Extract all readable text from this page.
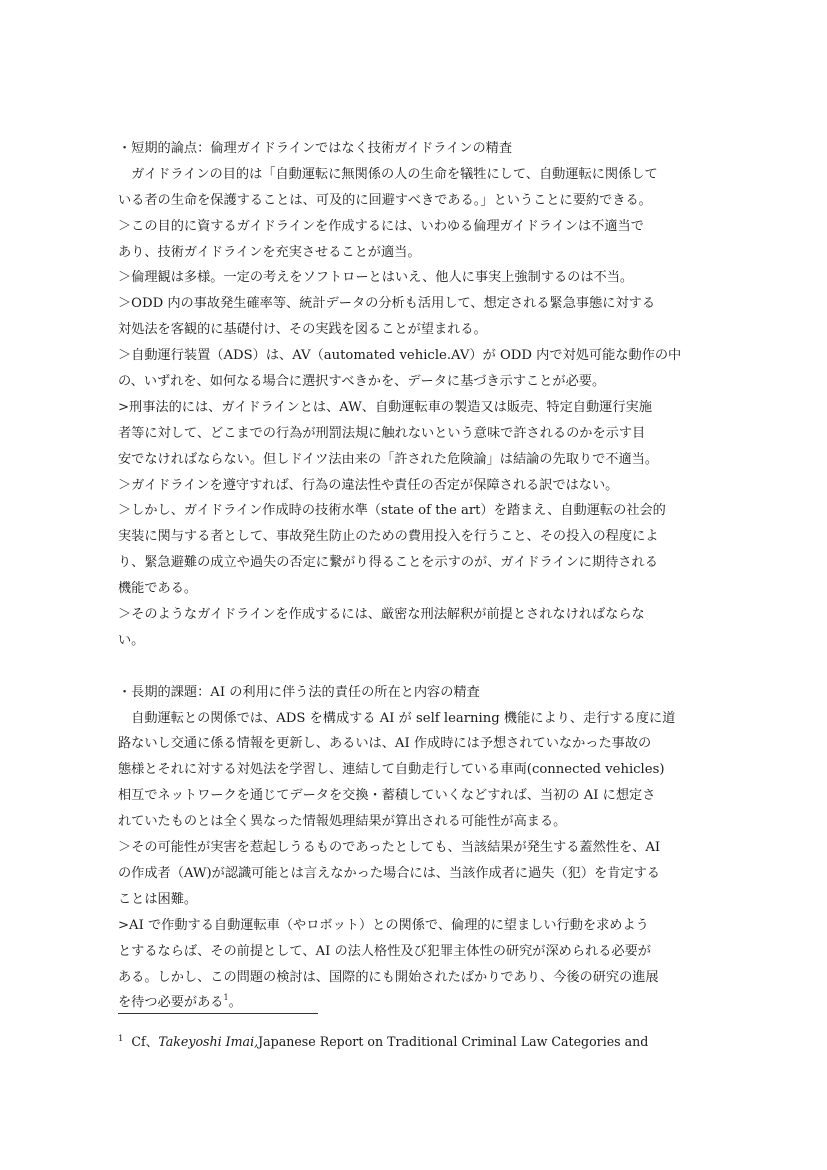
・短期的論点：倫理ガイドラインではなく技術ガイドラインの精査
　ガイドラインの目的は「自動運転に無関係の人の生命を犠牲にして、自動運転に関係して
いる者の生命を保護することは、可及的に回避すべきである。」ということに要約できる。
＞この目的に資するガイドラインを作成するには、いわゆる倫理ガイドラインは不適当で
あり、技術ガイドラインを充実させることが適当。
＞倫理観は多様。一定の考えをソフトローとはいえ、他人に事実上強制するのは不当。
＞ODD 内の事故発生確率等、統計データの分析も活用して、想定される緊急事態に対する
対処法を客観的に基礎付け、その実践を図ることが望まれる。
＞自動運行装置（ADS）は、AV（automated vehicle.AV）が ODD 内で対処可能な動作の中
の、いずれを、如何なる場合に選択すべきかを、データに基づき示すことが必要。
>刑事法的には、ガイドラインとは、AW、自動運転車の製造又は販売、特定自動運行実施
者等に対して、どこまでの行為が刑罰法規に触れないという意味で許されるのかを示す目
安でなければならない。但しドイツ法由来の「許された危険論」は結論の先取りで不適当。
＞ガイドラインを遵守すれば、行為の違法性や責任の否定が保障される訳ではない。
＞しかし、ガイドライン作成時の技術水準（state of the art）を踏まえ、自動運転の社会的
実装に関与する者として、事故発生防止のための費用投入を行うこと、その投入の程度によ
り、緊急避難の成立や過失の否定に繋がり得ることを示すのが、ガイドラインに期待される
機能である。
＞そのようなガイドラインを作成するには、厳密な刑法解釈が前提とされなければならな
い。
・長期的課題：AI の利用に伴う法的責任の所在と内容の精査
　自動運転との関係では、ADS を構成する AI が self learning 機能により、走行する度に道
路ないし交通に係る情報を更新し、あるいは、AI 作成時には予想されていなかった事故の
態様とそれに対する対処法を学習し、連結して自動走行している車両(connected vehicles)
相互でネットワークを通じてデータを交換・蓄積していくなどすれば、当初の AI に想定さ
れていたものとは全く異なった情報処理結果が算出される可能性が高まる。
＞その可能性が実害を惹起しうるものであったとしても、当該結果が発生する蓋然性を、AI
の作成者（AW)が認識可能とは言えなかった場合には、当該作成者に過失（犯）を肯定する
ことは困難。
>AI で作動する自動運転車（やロボット）との関係で、倫理的に望ましい行動を求めよう
とするならば、その前提として、AI の法人格性及び犯罪主体性の研究が深められる必要が
ある。しかし、この問題の検討は、国際的にも開始されたばかりであり、今後の研究の進展
を待つ必要がある$^1$。
$^1$ Cf、Takeyoshi Imai,Japanese Report on Traditional Criminal Law Categories and
